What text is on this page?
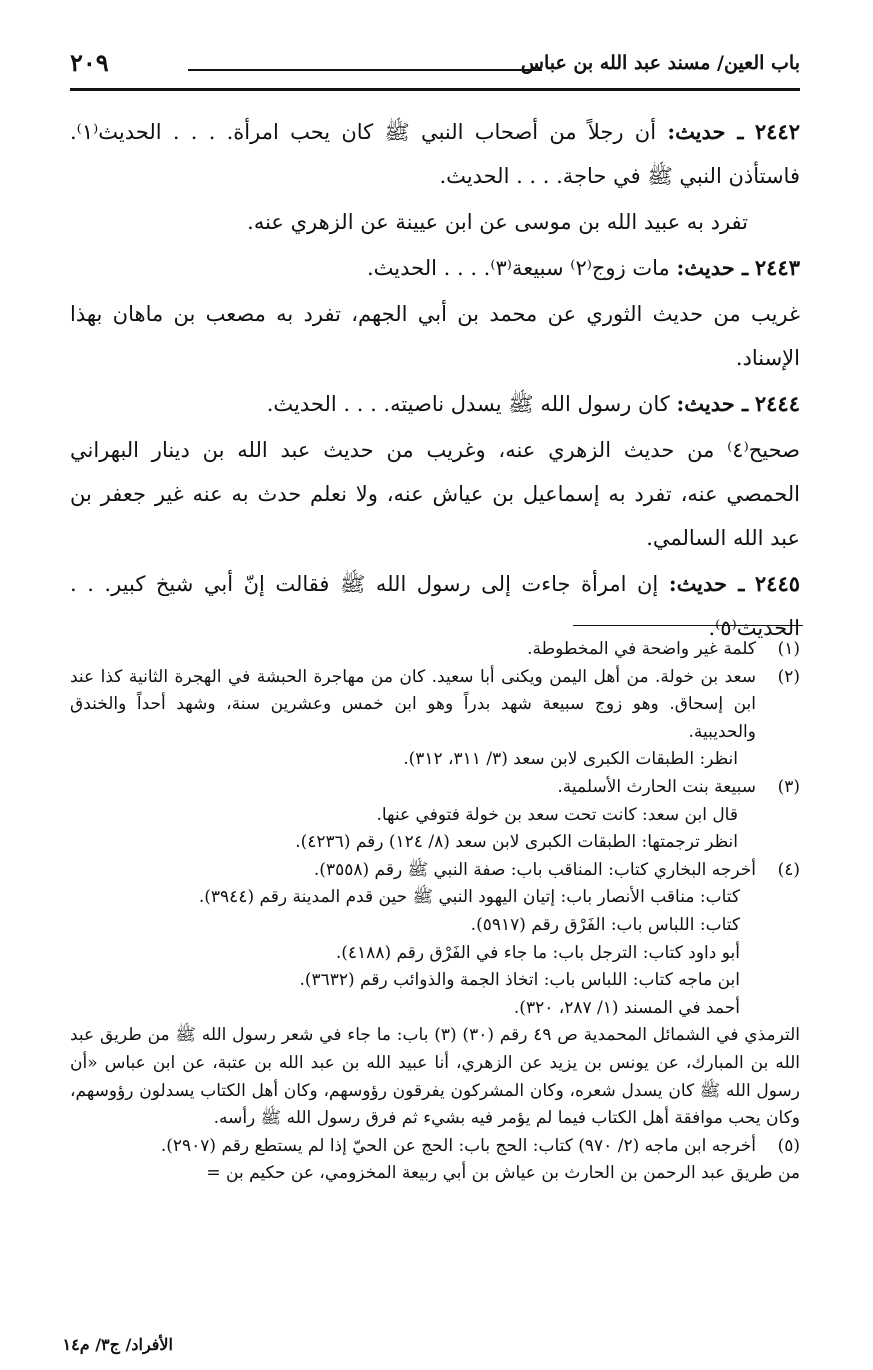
باب العين/ مسند عبد الله بن عباس
٢٠٩

٢٤٤٢ ـ حديث: أن رجلاً من أصحاب النبي ﷺ كان يحب امرأة. . . . الحديث⁽١⁾. فاستأذن النبي ﷺ في حاجة. . . . الحديث.

تفرد به عبيد الله بن موسى عن ابن عيينة عن الزهري عنه.

٢٤٤٣ ـ حديث: مات زوج⁽٢⁾ سبيعة⁽٣⁾. . . . الحديث.

غريب من حديث الثوري عن محمد بن أبي الجهم، تفرد به مصعب بن ماهان بهذا الإسناد.

٢٤٤٤ ـ حديث: كان رسول الله ﷺ يسدل ناصيته. . . . الحديث.

صحيح⁽٤⁾ من حديث الزهري عنه، وغريب من حديث عبد الله بن دينار البهراني الحمصي عنه، تفرد به إسماعيل بن عياش عنه، ولا نعلم حدث به عنه غير جعفر بن عبد الله السالمي.

٢٤٤٥ ـ حديث: إن امرأة جاءت إلى رسول الله ﷺ فقالت إنّ أبي شيخ كبير. . . الحديث⁽٥⁾.

(١)

كلمة غير واضحة في المخطوطة.

(٢)

سعد بن خولة. من أهل اليمن ويكنى أبا سعيد. كان من مهاجرة الحبشة في الهجرة الثانية كذا عند ابن إسحاق. وهو زوج سبيعة شهد بدراً وهو ابن خمس وعشرين سنة، وشهد أحداً والخندق والحديبية.

انظر: الطبقات الكبرى لابن سعد (٣/ ٣١١، ٣١٢).

(٣)

سبيعة بنت الحارث الأسلمية.

قال ابن سعد: كانت تحت سعد بن خولة فتوفي عنها.

انظر ترجمتها: الطبقات الكبرى لابن سعد (٨/ ١٢٤) رقم (٤٢٣٦).

(٤)

أخرجه البخاري كتاب: المناقب باب: صفة النبي ﷺ رقم (٣٥٥٨).

كتاب: مناقب الأنصار باب: إتيان اليهود النبي ﷺ حين قدم المدينة رقم (٣٩٤٤).

كتاب: اللباس باب: الفَرْق رقم (٥٩١٧).

أبو داود كتاب: الترجل باب: ما جاء في الفَرْق رقم (٤١٨٨).

ابن ماجه كتاب: اللباس باب: اتخاذ الجمة والذوائب رقم (٣٦٣٢).

أحمد في المسند (١/ ٢٨٧، ٣٢٠).

الترمذي في الشمائل المحمدية ص ٤٩ رقم (٣٠) (٣) باب: ما جاء في شعر رسول الله ﷺ من طريق عبد الله بن المبارك، عن يونس بن يزيد عن الزهري، أنا عبيد الله بن عبد الله بن عتبة، عن ابن عباس «أن رسول الله ﷺ كان يسدل شعره، وكان المشركون يفرقون رؤوسهم، وكان أهل الكتاب يسدلون رؤوسهم، وكان يحب موافقة أهل الكتاب فيما لم يؤمر فيه بشيء ثم فرق رسول الله ﷺ رأسه.

(٥)

أخرجه ابن ماجه (٢/ ٩٧٠) كتاب: الحج باب: الحج عن الحيّ إذا لم يستطع رقم (٢٩٠٧).

من طريق عبد الرحمن بن الحارث بن عياش بن أبي ربيعة المخزومي، عن حكيم بن =

الأفراد/ ج٣/ م١٤
